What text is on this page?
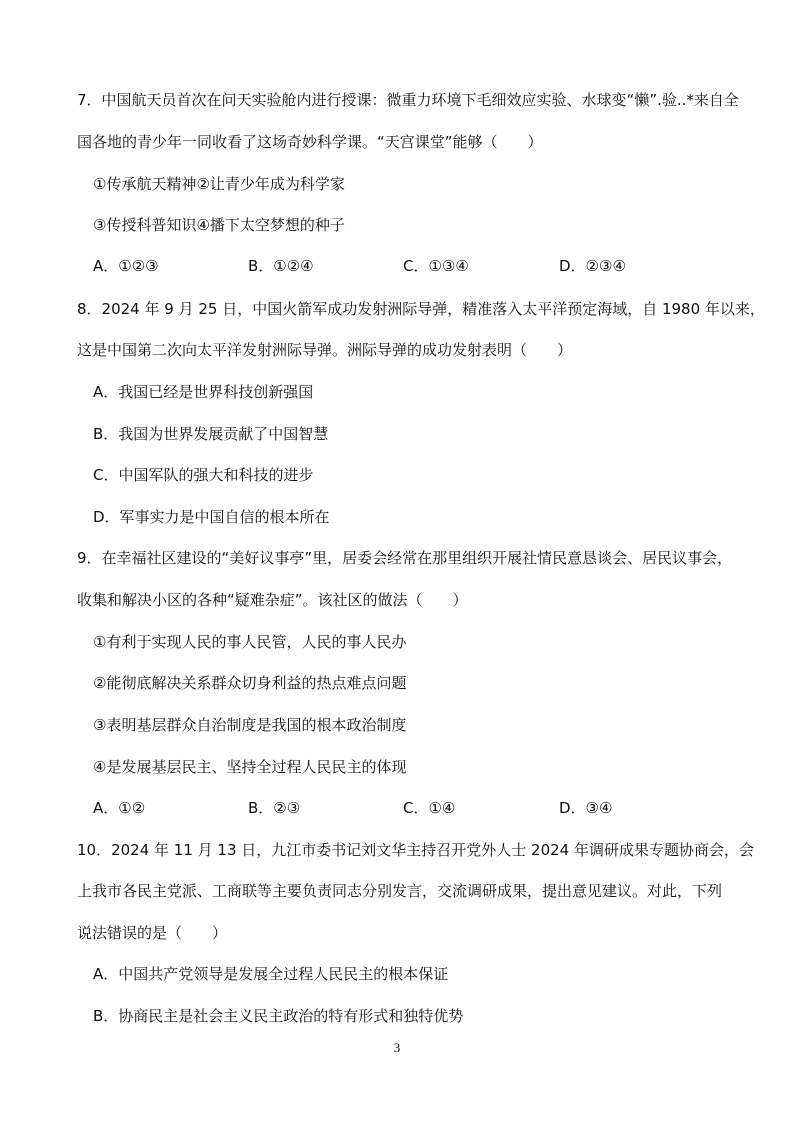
7．中国航天员首次在问天实验舱内进行授课：微重力环境下毛细效应实验、水球变“懒”.验..*来自全
国各地的青少年一同收看了这场奇妙科学课。“天宫课堂”能够（　　）
①传承航天精神②让青少年成为科学家
③传授科普知识④播下太空梦想的种子
A．①②③	B．①②④	C．①③④	D．②③④
8．2024 年 9 月 25 日，中国火箭军成功发射洲际导弹，精准落入太平洋预定海域，自 1980 年以来，
这是中国第二次向太平洋发射洲际导弹。洲际导弹的成功发射表明（　　）
A．我国已经是世界科技创新强国
B．我国为世界发展贡献了中国智慧
C．中国军队的强大和科技的进步
D．军事实力是中国自信的根本所在
9．在幸福社区建设的“美好议事亭”里，居委会经常在那里组织开展社情民意恳谈会、居民议事会，
收集和解决小区的各种“疑难杂症”。该社区的做法（　　）
①有利于实现人民的事人民管，人民的事人民办
②能彻底解决关系群众切身利益的热点难点问题
③表明基层群众自治制度是我国的根本政治制度
④是发展基层民主、坚持全过程人民民主的体现
A．①②	B．②③	C．①④	D．③④
10．2024 年 11 月 13 日，九江市委书记刘文华主持召开党外人士 2024 年调研成果专题协商会，会
上我市各民主党派、工商联等主要负责同志分别发言，交流调研成果，提出意见建议。对此，下列
说法错误的是（　　）
A．中国共产党领导是发展全过程人民民主的根本保证
B．协商民主是社会主义民主政治的特有形式和独特优势
3
